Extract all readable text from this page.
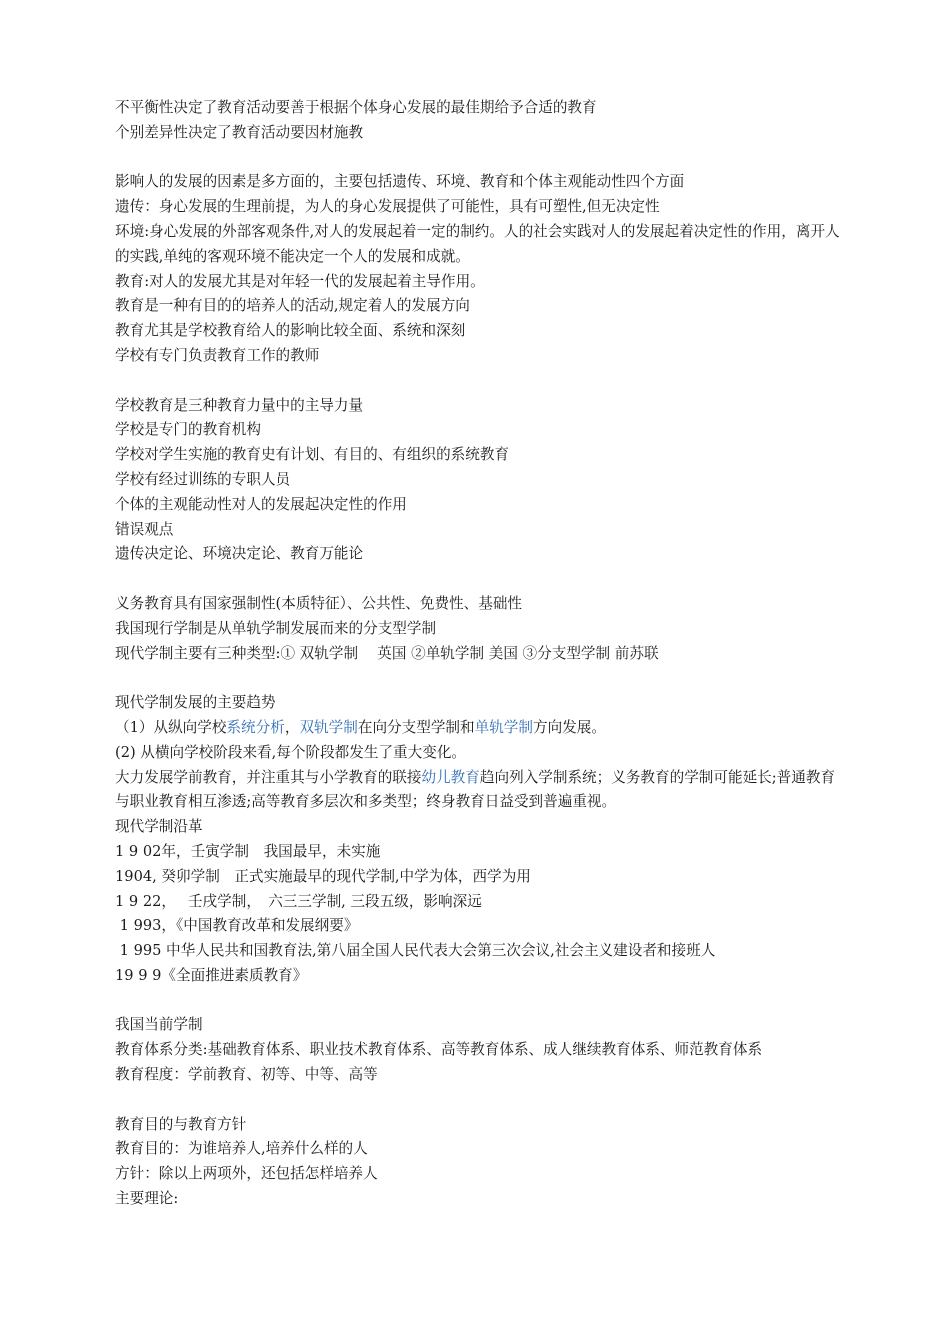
不平衡性决定了教育活动要善于根据个体身心发展的最佳期给予合适的教育
个别差异性决定了教育活动要因材施教
影响人的发展的因素是多方面的，主要包括遗传、环境、教育和个体主观能动性四个方面
遗传：身心发展的生理前提，为人的身心发展提供了可能性，具有可塑性,但无决定性
环境:身心发展的外部客观条件,对人的发展起着一定的制约。人的社会实践对人的发展起着决定性的作用，离开人的实践,单纯的客观环境不能决定一个人的发展和成就。
教育:对人的发展尤其是对年轻一代的发展起着主导作用。
教育是一种有目的的培养人的活动,规定着人的发展方向
教育尤其是学校教育给人的影响比较全面、系统和深刻
学校有专门负责教育工作的教师
学校教育是三种教育力量中的主导力量
学校是专门的教育机构
学校对学生实施的教育史有计划、有目的、有组织的系统教育
学校有经过训练的专职人员
个体的主观能动性对人的发展起决定性的作用
错误观点
遗传决定论、环境决定论、教育万能论
义务教育具有国家强制性(本质特征）、公共性、免费性、基础性
我国现行学制是从单轨学制发展而来的分支型学制
现代学制主要有三种类型:① 双轨学制　 英国 ②单轨学制 美国 ③分支型学制 前苏联
现代学制发展的主要趋势
（1）从纵向学校系统分析，双轨学制在向分支型学制和单轨学制方向发展。
(2) 从横向学校阶段来看,每个阶段都发生了重大变化。
大力发展学前教育，并注重其与小学教育的联接幼儿教育趋向列入学制系统；义务教育的学制可能延长;普通教育与职业教育相互渗透;高等教育多层次和多类型；终身教育日益受到普遍重视。
现代学制沿革
1 9 02年，壬寅学制　我国最早，未实施
1904, 癸卯学制　正式实施最早的现代学制,中学为体，西学为用
1 9 22，　 壬戌学制，　六三三学制, 三段五级，影响深远
1 993，《中国教育改革和发展纲要》
1 995 中华人民共和国教育法,第八届全国人民代表大会第三次会议,社会主义建设者和接班人
19 9 9《全面推进素质教育》
我国当前学制
教育体系分类:基础教育体系、职业技术教育体系、高等教育体系、成人继续教育体系、师范教育体系
教育程度：学前教育、初等、中等、高等
教育目的与教育方针
教育目的：为谁培养人,培养什么样的人
方针：除以上两项外，还包括怎样培养人
主要理论:
